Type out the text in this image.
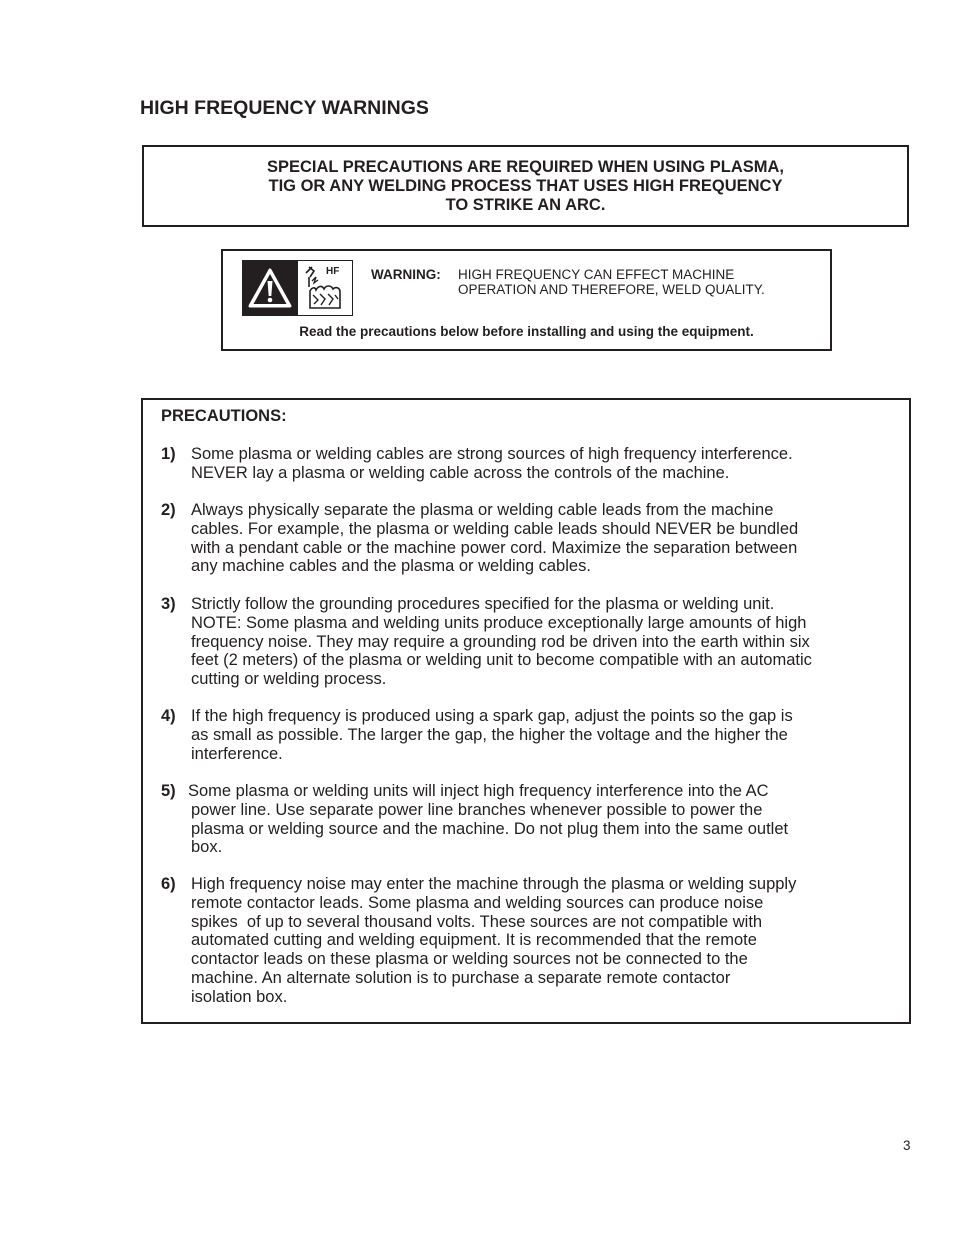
HIGH FREQUENCY WARNINGS
SPECIAL PRECAUTIONS ARE REQUIRED WHEN USING PLASMA,
TIG OR ANY WELDING PROCESS THAT USES HIGH FREQUENCY
TO STRIKE AN ARC.
HF WARNING: HIGH FREQUENCY CAN EFFECT MACHINE
OPERATION AND THEREFORE, WELD QUALITY.
Read the precautions below before installing and using the equipment.
PRECAUTIONS:
1) Some plasma or welding cables are strong sources of high frequency interference.
NEVER lay a plasma or welding cable across the controls of the machine.
2) Always physically separate the plasma or welding cable leads from the machine
cables. For example, the plasma or welding cable leads should NEVER be bundled
with a pendant cable or the machine power cord. Maximize the separation between
any machine cables and the plasma or welding cables.
3) Strictly follow the grounding procedures specified for the plasma or welding unit.
NOTE: Some plasma and welding units produce exceptionally large amounts of high
frequency noise. They may require a grounding rod be driven into the earth within six
feet (2 meters) of the plasma or welding unit to become compatible with an automatic
cutting or welding process.
4) If the high frequency is produced using a spark gap, adjust the points so the gap is
as small as possible. The larger the gap, the higher the voltage and the higher the
interference.
5) Some plasma or welding units will inject high frequency interference into the AC
power line. Use separate power line branches whenever possible to power the
plasma or welding source and the machine. Do not plug them into the same outlet
box.
6) High frequency noise may enter the machine through the plasma or welding supply
remote contactor leads. Some plasma and welding sources can produce noise
spikes  of up to several thousand volts. These sources are not compatible with
automated cutting and welding equipment. It is recommended that the remote
contactor leads on these plasma or welding sources not be connected to the
machine. An alternate solution is to purchase a separate remote contactor
isolation box.
3
